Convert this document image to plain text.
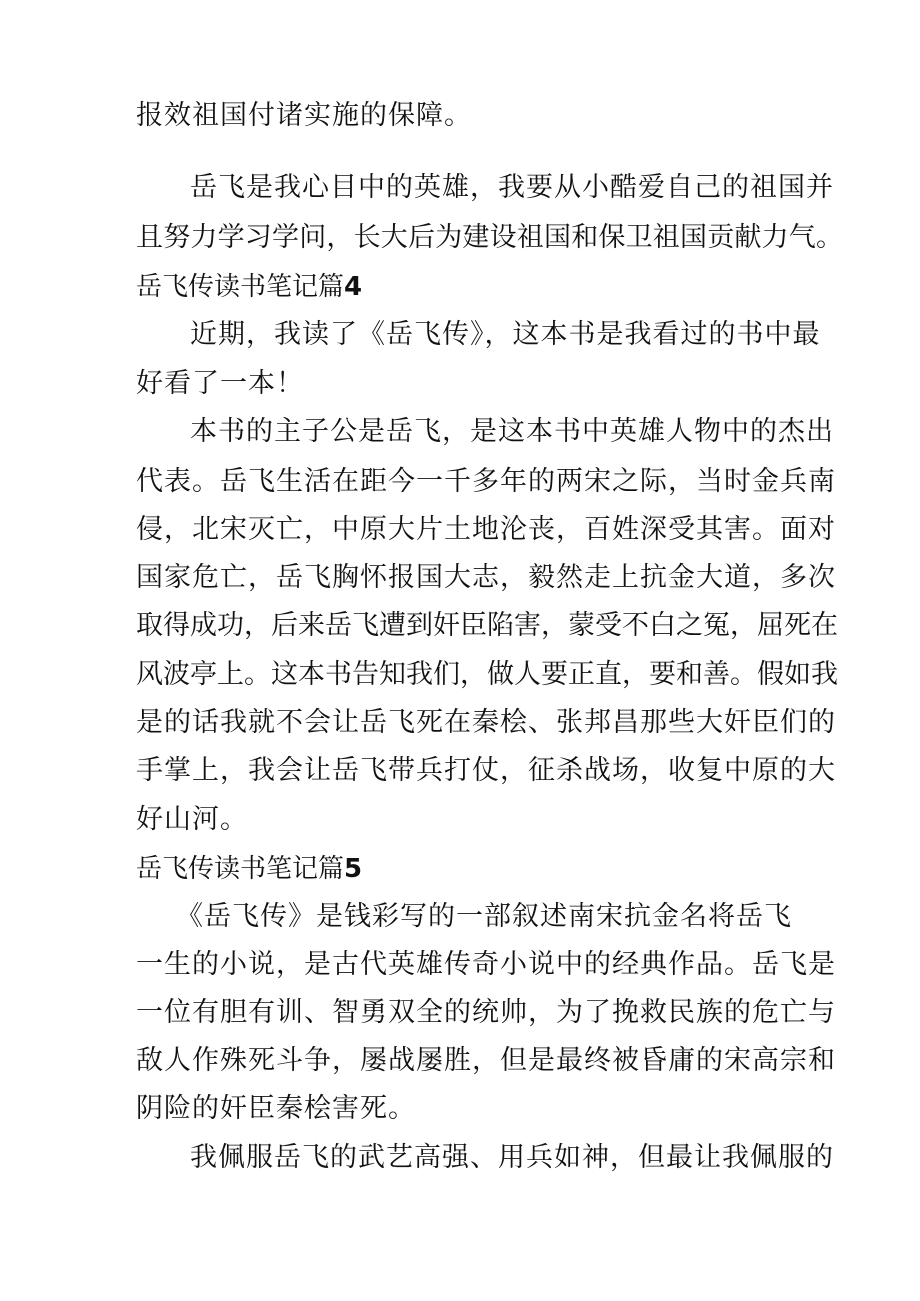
报效祖国付诸实施的保障。
岳飞是我心目中的英雄，我要从小酷爱自己的祖国并
且努力学习学问，长大后为建设祖国和保卫祖国贡献力气。
岳飞传读书笔记篇4
近期，我读了《岳飞传》，这本书是我看过的书中最
好看了一本！
本书的主子公是岳飞，是这本书中英雄人物中的杰出
代表。岳飞生活在距今一千多年的两宋之际，当时金兵南
侵，北宋灭亡，中原大片土地沦丧，百姓深受其害。面对
国家危亡，岳飞胸怀报国大志，毅然走上抗金大道，多次
取得成功，后来岳飞遭到奸臣陷害，蒙受不白之冤，屈死在
风波亭上。这本书告知我们，做人要正直，要和善。假如我
是的话我就不会让岳飞死在秦桧、张邦昌那些大奸臣们的
手掌上，我会让岳飞带兵打仗，征杀战场，收复中原的大
好山河。
岳飞传读书笔记篇5
《岳飞传》是钱彩写的一部叙述南宋抗金名将岳飞
一生的小说，是古代英雄传奇小说中的经典作品。岳飞是
一位有胆有训、智勇双全的统帅，为了挽救民族的危亡与
敌人作殊死斗争，屡战屡胜，但是最终被昏庸的宋高宗和
阴险的奸臣秦桧害死。
我佩服岳飞的武艺高强、用兵如神，但最让我佩服的
